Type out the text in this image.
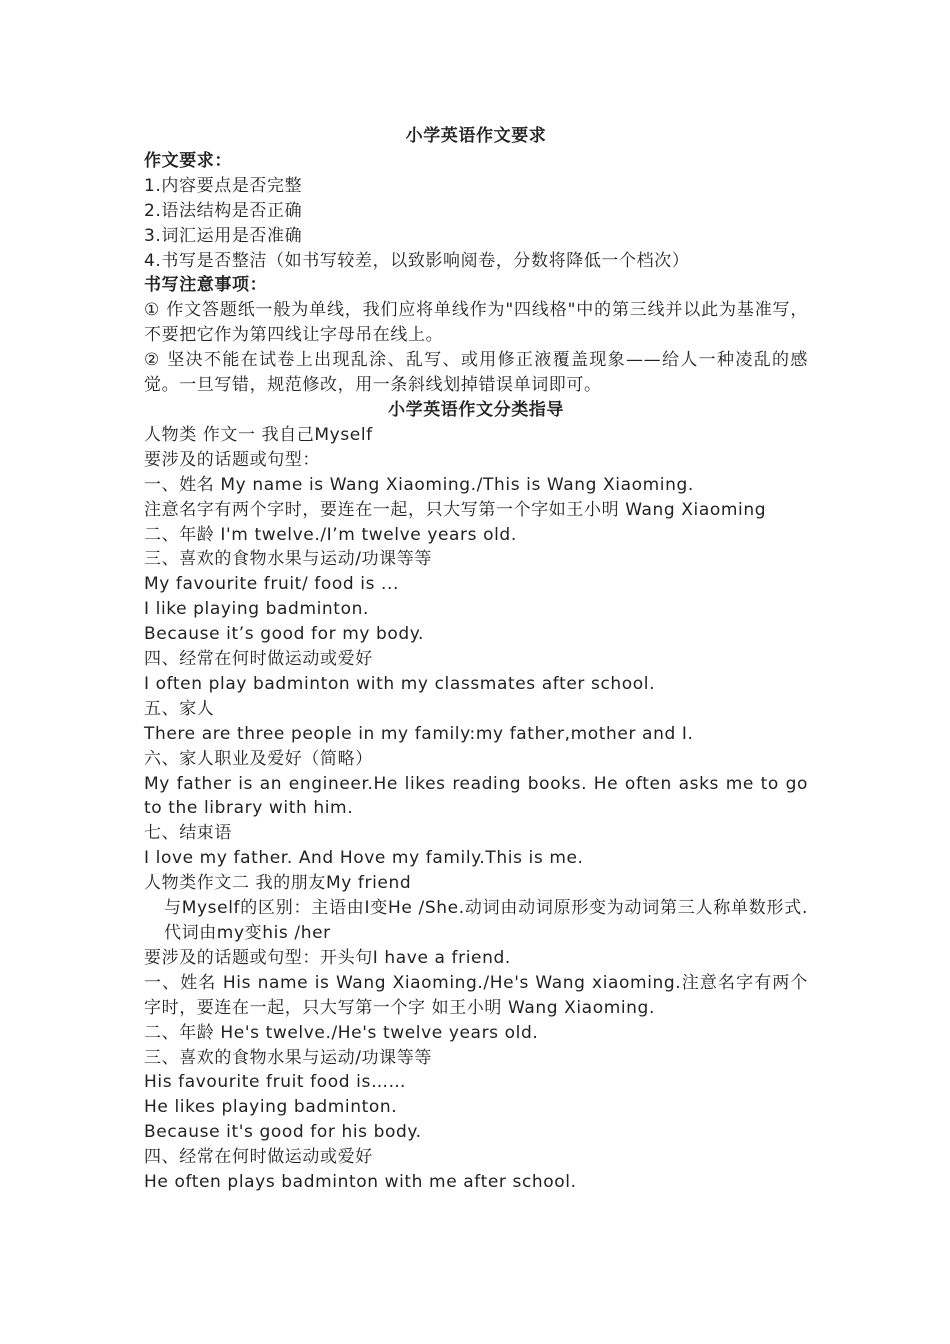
小学英语作文要求
作文要求：
1.内容要点是否完整
2.语法结构是否正确
3.词汇运用是否准确
4.书写是否整洁（如书写较差，以致影响阅卷，分数将降低一个档次）
书写注意事项：
① 作文答题纸一般为单线，我们应将单线作为"四线格"中的第三线并以此为基准写，不要把它作为第四线让字母吊在线上。
② 坚决不能在试卷上出现乱涂、乱写、或用修正液覆盖现象——给人一种凌乱的感觉。一旦写错，规范修改，用一条斜线划掉错误单词即可。
小学英语作文分类指导
人物类 作文一 我自己Myself
要涉及的话题或句型：
一、姓名 My name is Wang Xiaoming./This is Wang Xiaoming.
注意名字有两个字时，要连在一起，只大写第一个字如王小明 Wang Xiaoming
二、年龄 I'm twelve./I’m twelve years old.
三、喜欢的食物水果与运动/功课等等
My favourite fruit/ food is ...
I like playing badminton.
Because it’s good for my body.
四、经常在何时做运动或爱好
I often play badminton with my classmates after school.
五、家人
There are three people in my family:my father,mother and I.
六、家人职业及爱好（简略）
My father is an engineer.He likes reading books. He often asks me to go to the library with him.
七、结束语
I love my father. And Hove my family.This is me.
人物类作文二 我的朋友My friend
与Myself的区别：主语由I变He /She.动词由动词原形变为动词第三人称单数形式.代词由my变his /her
要涉及的话题或句型：开头句I have a friend.
一、姓名 His name is Wang Xiaoming./He's Wang xiaoming.注意名字有两个字时，要连在一起，只大写第一个字 如王小明 Wang Xiaoming.
二、年龄 He's twelve./He's twelve years old.
三、喜欢的食物水果与运动/功课等等
His favourite fruit food is……
He likes playing badminton.
Because it's good for his body.
四、经常在何时做运动或爱好
He often plays badminton with me after school.
